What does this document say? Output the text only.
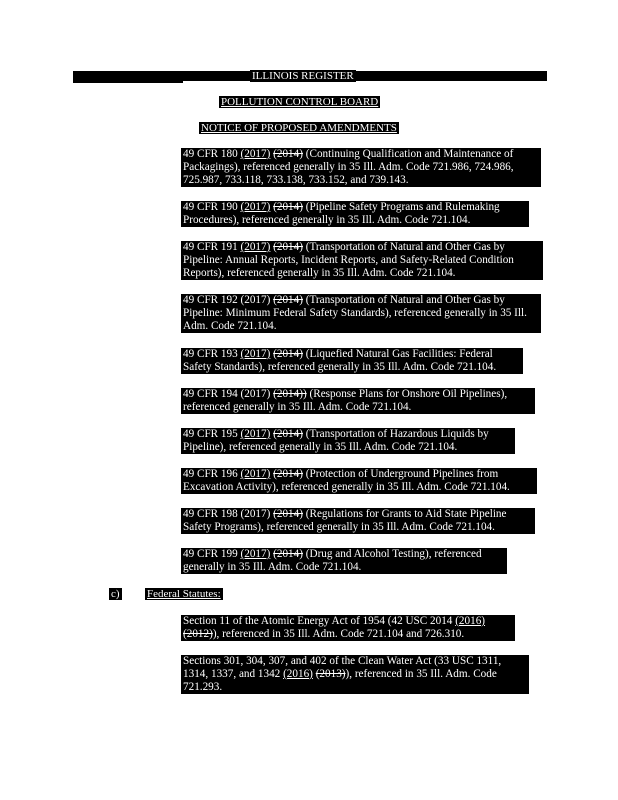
ILLINOIS REGISTER
POLLUTION CONTROL BOARD
NOTICE OF PROPOSED AMENDMENTS
49 CFR 180 (2017) (2014) (Continuing Qualification and Maintenance of Packagings), referenced generally in 35 Ill. Adm. Code 721.986, 724.986, 725.987, 733.118, 733.138, 733.152, and 739.143.
49 CFR 190 (2017) (2014) (Pipeline Safety Programs and Rulemaking Procedures), referenced generally in 35 Ill. Adm. Code 721.104.
49 CFR 191 (2017) (2014) (Transportation of Natural and Other Gas by Pipeline: Annual Reports, Incident Reports, and Safety-Related Condition Reports), referenced generally in 35 Ill. Adm. Code 721.104.
49 CFR 192 (2017) (2014) (Transportation of Natural and Other Gas by Pipeline: Minimum Federal Safety Standards), referenced generally in 35 Ill. Adm. Code 721.104.
49 CFR 193 (2017) (2014) (Liquefied Natural Gas Facilities: Federal Safety Standards), referenced generally in 35 Ill. Adm. Code 721.104.
49 CFR 194 (2017) (2014)) (Response Plans for Onshore Oil Pipelines), referenced generally in 35 Ill. Adm. Code 721.104.
49 CFR 195 (2017) (2014) (Transportation of Hazardous Liquids by Pipeline), referenced generally in 35 Ill. Adm. Code 721.104.
49 CFR 196 (2017) (2014) (Protection of Underground Pipelines from Excavation Activity), referenced generally in 35 Ill. Adm. Code 721.104.
49 CFR 198 (2017) (2014) (Regulations for Grants to Aid State Pipeline Safety Programs), referenced generally in 35 Ill. Adm. Code 721.104.
49 CFR 199 (2017) (2014) (Drug and Alcohol Testing), referenced generally in 35 Ill. Adm. Code 721.104.
c) Federal Statutes:
Section 11 of the Atomic Energy Act of 1954 (42 USC 2014 (2016) (2012)), referenced in 35 Ill. Adm. Code 721.104 and 726.310.
Sections 301, 304, 307, and 402 of the Clean Water Act (33 USC 1311, 1314, 1337, and 1342 (2016) (2013)), referenced in 35 Ill. Adm. Code 721.293.
